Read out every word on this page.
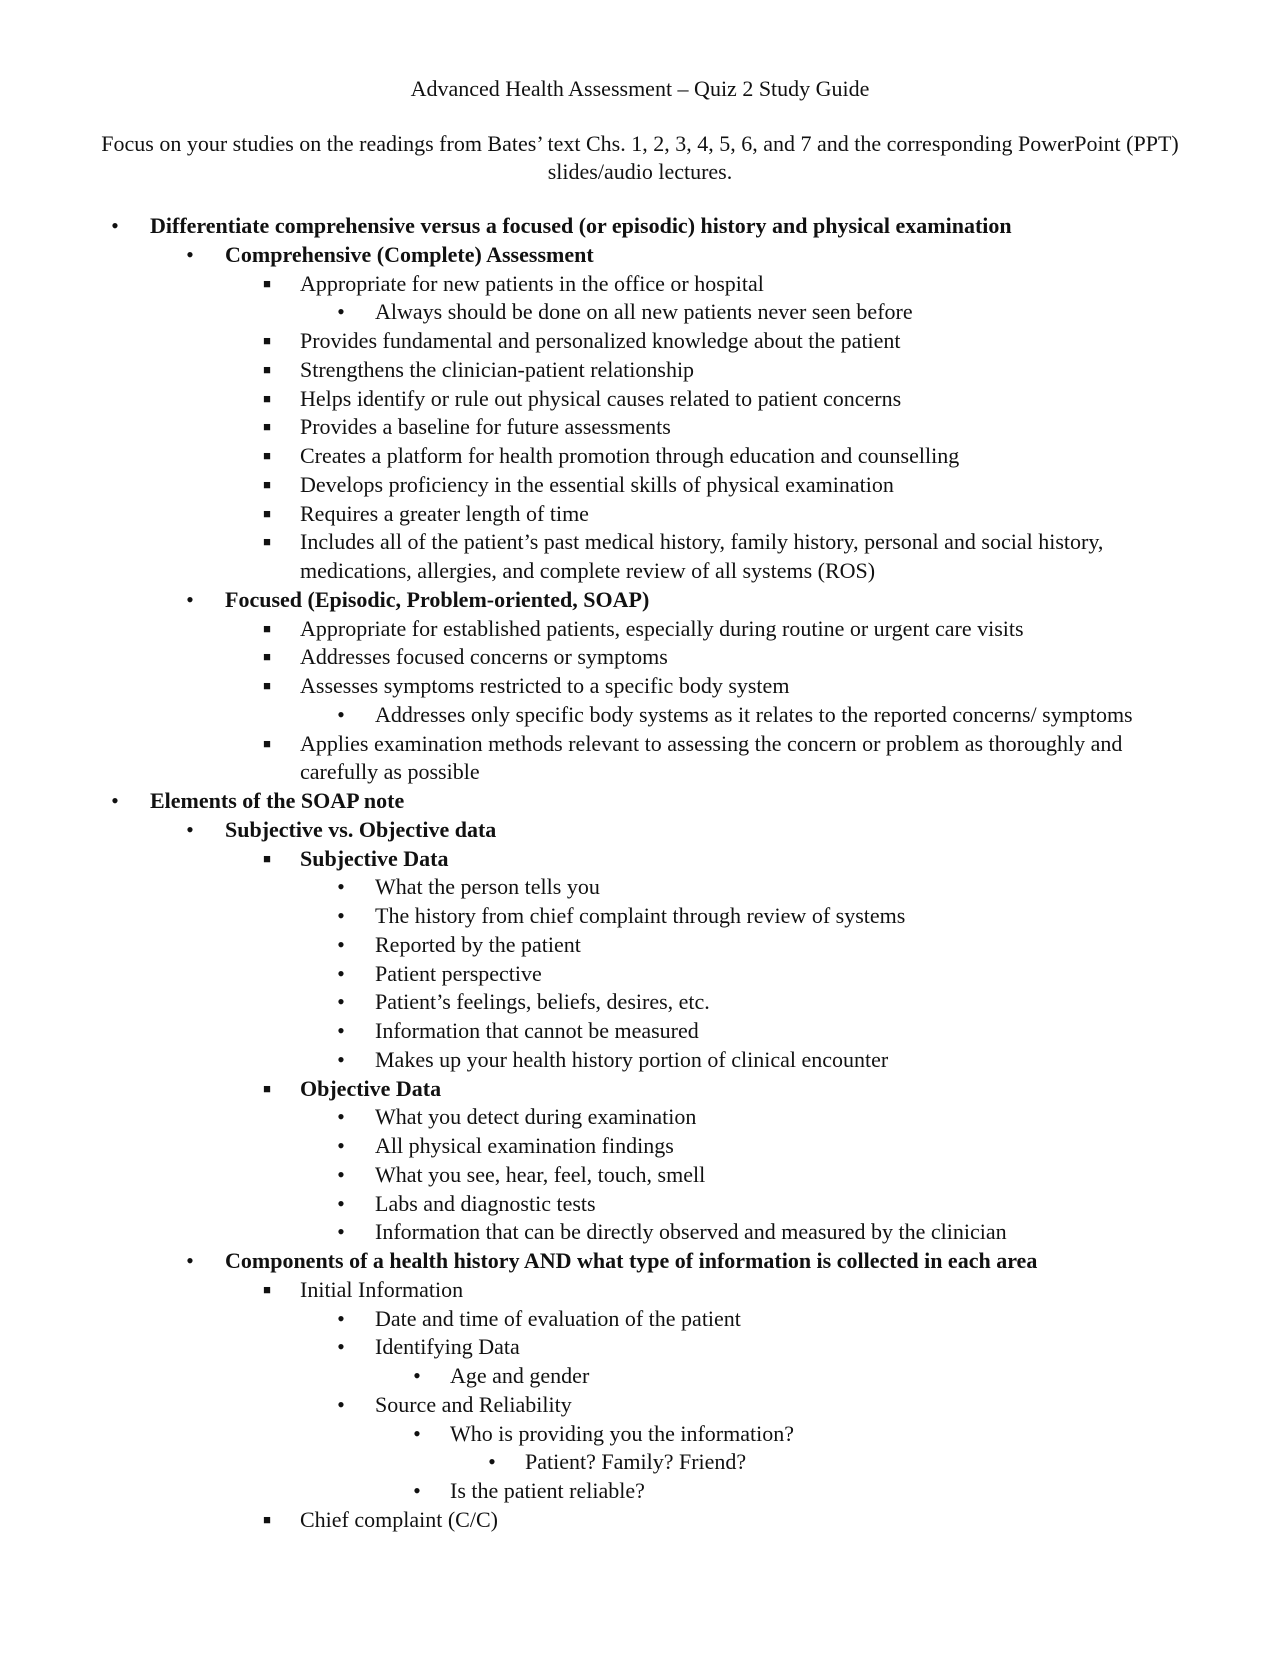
Advanced Health Assessment – Quiz 2 Study Guide
Focus on your studies on the readings from Bates’ text Chs. 1, 2, 3, 4, 5, 6, and 7 and the corresponding PowerPoint (PPT) slides/audio lectures.
• Differentiate comprehensive versus a focused (or episodic) history and physical examination
• Comprehensive (Complete) Assessment
■ Appropriate for new patients in the office or hospital
• Always should be done on all new patients never seen before
■ Provides fundamental and personalized knowledge about the patient
■ Strengthens the clinician-patient relationship
■ Helps identify or rule out physical causes related to patient concerns
■ Provides a baseline for future assessments
■ Creates a platform for health promotion through education and counselling
■ Develops proficiency in the essential skills of physical examination
■ Requires a greater length of time
■ Includes all of the patient’s past medical history, family history, personal and social history, medications, allergies, and complete review of all systems (ROS)
• Focused (Episodic, Problem-oriented, SOAP)
■ Appropriate for established patients, especially during routine or urgent care visits
■ Addresses focused concerns or symptoms
■ Assesses symptoms restricted to a specific body system
• Addresses only specific body systems as it relates to the reported concerns/ symptoms
■ Applies examination methods relevant to assessing the concern or problem as thoroughly and carefully as possible
• Elements of the SOAP note
• Subjective vs. Objective data
■ Subjective Data
• What the person tells you
• The history from chief complaint through review of systems
• Reported by the patient
• Patient perspective
• Patient’s feelings, beliefs, desires, etc.
• Information that cannot be measured
• Makes up your health history portion of clinical encounter
■ Objective Data
• What you detect during examination
• All physical examination findings
• What you see, hear, feel, touch, smell
• Labs and diagnostic tests
• Information that can be directly observed and measured by the clinician
• Components of a health history AND what type of information is collected in each area
■ Initial Information
• Date and time of evaluation of the patient
• Identifying Data
• Age and gender
• Source and Reliability
• Who is providing you the information?
• Patient? Family? Friend?
• Is the patient reliable?
■ Chief complaint (C/C)
